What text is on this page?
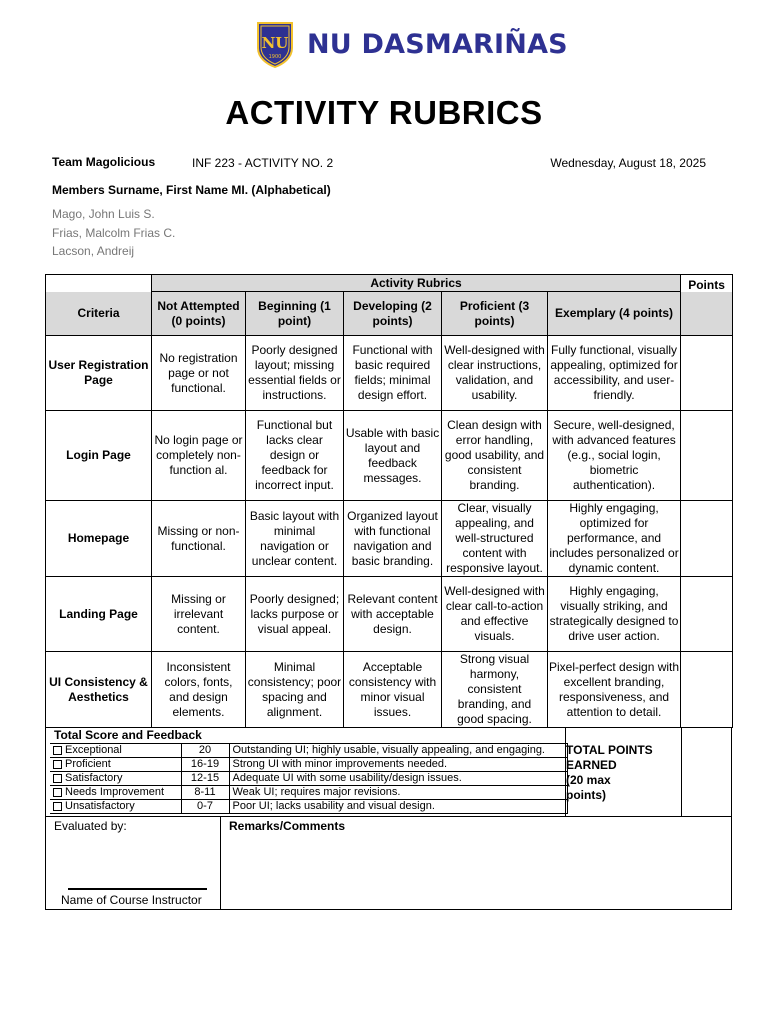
NU
1900 NU DASMARIÑAS
ACTIVITY RUBRICS
Team Magolicious	INF 223 - ACTIVITY NO. 2	Wednesday, August 18, 2025
Members Surname, First Name MI. (Alphabetical)
Mago, John Luis S.
Frias, Malcolm Frias C.
Lacson, Andreij
	Activity Rubrics					
Criteria	Not Attempted (0 points)	Beginning (1 point)	Developing (2 points)	Proficient (3 points)	Exemplary (4 points)	Points

User Registration Page	No registration page or not functional.	Poorly designed layout; missing essential fields or instructions.	Functional with basic required fields; minimal design effort.	Well-designed with clear instructions, validation, and usability.	Fully functional, visually appealing, optimized for accessibility, and user-friendly.	
Login Page	No login page or completely non-function al.	Functional but lacks clear design or feedback for incorrect input.	Usable with basic layout and feedback messages.	Clean design with error handling, good usability, and consistent branding.	Secure, well-designed, with advanced features (e.g., social login, biometric authentication).	
Homepage	Missing or non-functional.	Basic layout with minimal navigation or unclear content.	Organized layout with functional navigation and basic branding.	Clear, visually appealing, and well-structured content with responsive layout.	Highly engaging, optimized for performance, and includes personalized or dynamic content.	
Landing Page	Missing or irrelevant content.	Poorly designed; lacks purpose or visual appeal.	Relevant content with acceptable design.	Well-designed with clear call-to-action and effective visuals.	Highly engaging, visually striking, and strategically designed to drive user action.	
UI Consistency & Aesthetics	Inconsistent colors, fonts, and design elements.	Minimal consistency; poor spacing and alignment.	Acceptable consistency with minor visual issues.	Strong visual harmony, consistent branding, and good spacing.	Pixel-perfect design with excellent branding, responsiveness, and attention to detail.	
Total Score and Feedback
Exceptional	20	Outstanding UI; highly usable, visually appealing, and engaging.
Proficient	16-19	Strong UI with minor improvements needed.
Satisfactory	12-15	Adequate UI with some usability/design issues.
Needs Improvement	8-11	Weak UI; requires major revisions.
Unsatisfactory	0-7	Poor UI; lacks usability and visual design.
TOTAL POINTS
EARNED
(20 max
points)
Evaluated by:	Remarks/Comments
Name of Course Instructor
